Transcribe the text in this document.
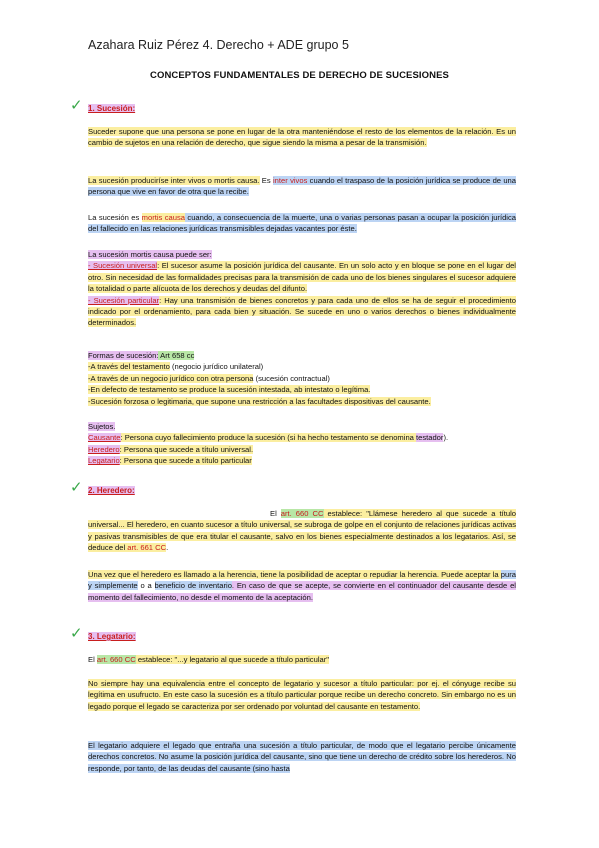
Azahara Ruiz Pérez 4. Derecho + ADE grupo 5
CONCEPTOS FUNDAMENTALES DE DERECHO DE SUCESIONES
✓ 1. Sucesión:

Suceder supone que una persona se pone en lugar de la otra manteniéndose el resto de los elementos de la relación. Es un cambio de sujetos en una relación de derecho, que sigue siendo la misma a pesar de la transmisión.

La sucesión produciríse inter vivos o mortis causa. Es inter vivos cuando el traspaso de la posición jurídica se produce de una persona que vive en favor de otra que la recibe.

La sucesión es mortis causa cuando, a consecuencia de la muerte, una o varias personas pasan a ocupar la posición jurídica del fallecido en las relaciones jurídicas transmisibles dejadas vacantes por éste.

La sucesión mortis causa puede ser:

- Sucesión universal: El sucesor asume la posición jurídica del causante. En un solo acto y en bloque se pone en el lugar del otro. Sin necesidad de las formalidades precisas para la transmisión de cada uno de los bienes singulares el sucesor adquiere la totalidad o parte alícuota de los derechos y deudas del difunto.

- Sucesión particular: Hay una transmisión de bienes concretos y para cada uno de ellos se ha de seguir el procedimiento indicado por el ordenamiento, para cada bien y situación. Se sucede en uno o varios derechos o bienes individualmente determinados.

Formas de sucesión: Art 658 cc

-A través del testamento (negocio jurídico unilateral)

-A través de un negocio jurídico con otra persona (sucesión contractual)

-En defecto de testamento se produce la sucesión intestada, ab intestato o legítima.

-Sucesión forzosa o legitimaria, que supone una restricción a las facultades dispositivas del causante.

Sujetos.

Causante: Persona cuyo fallecimiento produce la sucesión (si ha hecho testamento se denomina testador).

Heredero: Persona que sucede a título universal.

Legatario: Persona que sucede a título particular

✓ 2. Heredero:

El art. 660 CC establece: "Llámese heredero al que sucede a título universal... El heredero, en cuanto sucesor a título universal, se subroga de golpe en el conjunto de relaciones jurídicas activas y pasivas transmisibles de que era titular el causante, salvo en los bienes especialmente destinados a los legatarios. Así, se deduce del art. 661 CC.

Una vez que el heredero es llamado a la herencia, tiene la posibilidad de aceptar o repudiar la herencia. Puede aceptar la pura y simplemente o a beneficio de inventario. En caso de que se acepte, se convierte en el continuador del causante desde el momento del fallecimiento, no desde el momento de la aceptación.

✓ 3. Legatario:

El art. 660 CC establece: "...y legatario al que sucede a título particular"

No siempre hay una equivalencia entre el concepto de legatario y sucesor a título particular: por ej. el cónyuge recibe su legítima en usufructo. En este caso la sucesión es a título particular porque recibe un derecho concreto. Sin embargo no es un legado porque el legado se caracteriza por ser ordenado por voluntad del causante en testamento.

El legatario adquiere el legado que entraña una sucesión a título particular, de modo que el legatario percibe únicamente derechos concretos. No asume la posición jurídica del causante, sino que tiene un derecho de crédito sobre los herederos. No responde, por tanto, de las deudas del causante (sino hasta
